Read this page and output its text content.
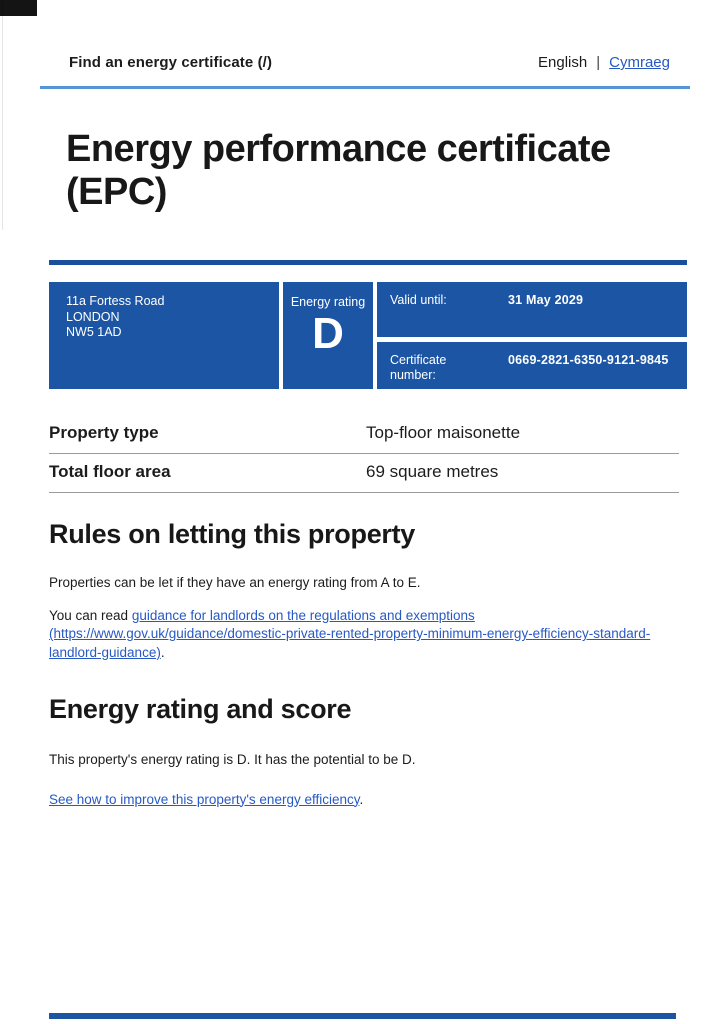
Find an energy certificate (/)	English | Cymraeg
Energy performance certificate (EPC)
11a Fortess Road
LONDON
NW5 1AD
Energy rating
D
Valid until:	31 May 2029
Certificate number:
0669-2821-6350-9121-9845
Property type	Top-floor maisonette
Total floor area	69 square metres
Rules on letting this property

Properties can be let if they have an energy rating from A to E.

You can read guidance for landlords on the regulations and exemptions (https://www.gov.uk/guidance/domestic-private-rented-property-minimum-energy-efficiency-standard-landlord-guidance).

Energy rating and score

This property's energy rating is D. It has the potential to be D.

See how to improve this property's energy efficiency.
